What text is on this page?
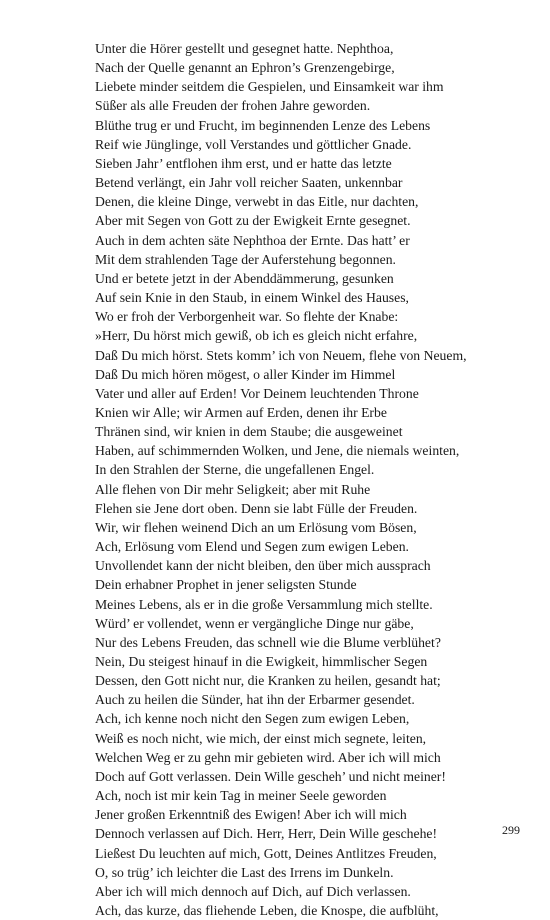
Unter die Hörer gestellt und gesegnet hatte. Nephthoa,
Nach der Quelle genannt an Ephron’s Grenzengebirge,
Liebete minder seitdem die Gespielen, und Einsamkeit war ihm
Süßer als alle Freuden der frohen Jahre geworden.
Blüthe trug er und Frucht, im beginnenden Lenze des Lebens
Reif wie Jünglinge, voll Verstandes und göttlicher Gnade.
Sieben Jahr’ entflohen ihm erst, und er hatte das letzte
Betend verlängt, ein Jahr voll reicher Saaten, unkennbar
Denen, die kleine Dinge, verwebt in das Eitle, nur dachten,
Aber mit Segen von Gott zu der Ewigkeit Ernte gesegnet.
Auch in dem achten säte Nephthoa der Ernte. Das hatt’ er
Mit dem strahlenden Tage der Auferstehung begonnen.
Und er betete jetzt in der Abenddämmerung, gesunken
Auf sein Knie in den Staub, in einem Winkel des Hauses,
Wo er froh der Verborgenheit war. So flehte der Knabe:
»Herr, Du hörst mich gewiß, ob ich es gleich nicht erfahre,
Daß Du mich hörst. Stets komm’ ich von Neuem, flehe von Neuem,
Daß Du mich hören mögest, o aller Kinder im Himmel
Vater und aller auf Erden! Vor Deinem leuchtenden Throne
Knien wir Alle; wir Armen auf Erden, denen ihr Erbe
Thränen sind, wir knien in dem Staube; die ausgeweinet
Haben, auf schimmernden Wolken, und Jene, die niemals weinten,
In den Strahlen der Sterne, die ungefallenen Engel.
Alle flehen von Dir mehr Seligkeit; aber mit Ruhe
Flehen sie Jene dort oben. Denn sie labt Fülle der Freuden.
Wir, wir flehen weinend Dich an um Erlösung vom Bösen,
Ach, Erlösung vom Elend und Segen zum ewigen Leben.
Unvollendet kann der nicht bleiben, den über mich aussprach
Dein erhabner Prophet in jener seligsten Stunde
Meines Lebens, als er in die große Versammlung mich stellte.
Würd’ er vollendet, wenn er vergängliche Dinge nur gäbe,
Nur des Lebens Freuden, das schnell wie die Blume verblühet?
Nein, Du steigest hinauf in die Ewigkeit, himmlischer Segen
Dessen, den Gott nicht nur, die Kranken zu heilen, gesandt hat;
Auch zu heilen die Sünder, hat ihn der Erbarmer gesendet.
Ach, ich kenne noch nicht den Segen zum ewigen Leben,
Weiß es noch nicht, wie mich, der einst mich segnete, leiten,
Welchen Weg er zu gehn mir gebieten wird. Aber ich will mich
Doch auf Gott verlassen. Dein Wille gescheh’ und nicht meiner!
Ach, noch ist mir kein Tag in meiner Seele geworden
Jener großen Erkenntniß des Ewigen! Aber ich will mich
Dennoch verlassen auf Dich. Herr, Herr, Dein Wille geschehe!
Ließest Du leuchten auf mich, Gott, Deines Antlitzes Freuden,
O, so trüg’ ich leichter die Last des Irrens im Dunkeln.
Aber ich will mich dennoch auf Dich, auf Dich verlassen.
Ach, das kurze, das fliehende Leben, die Knospe, die aufblüht,
299
